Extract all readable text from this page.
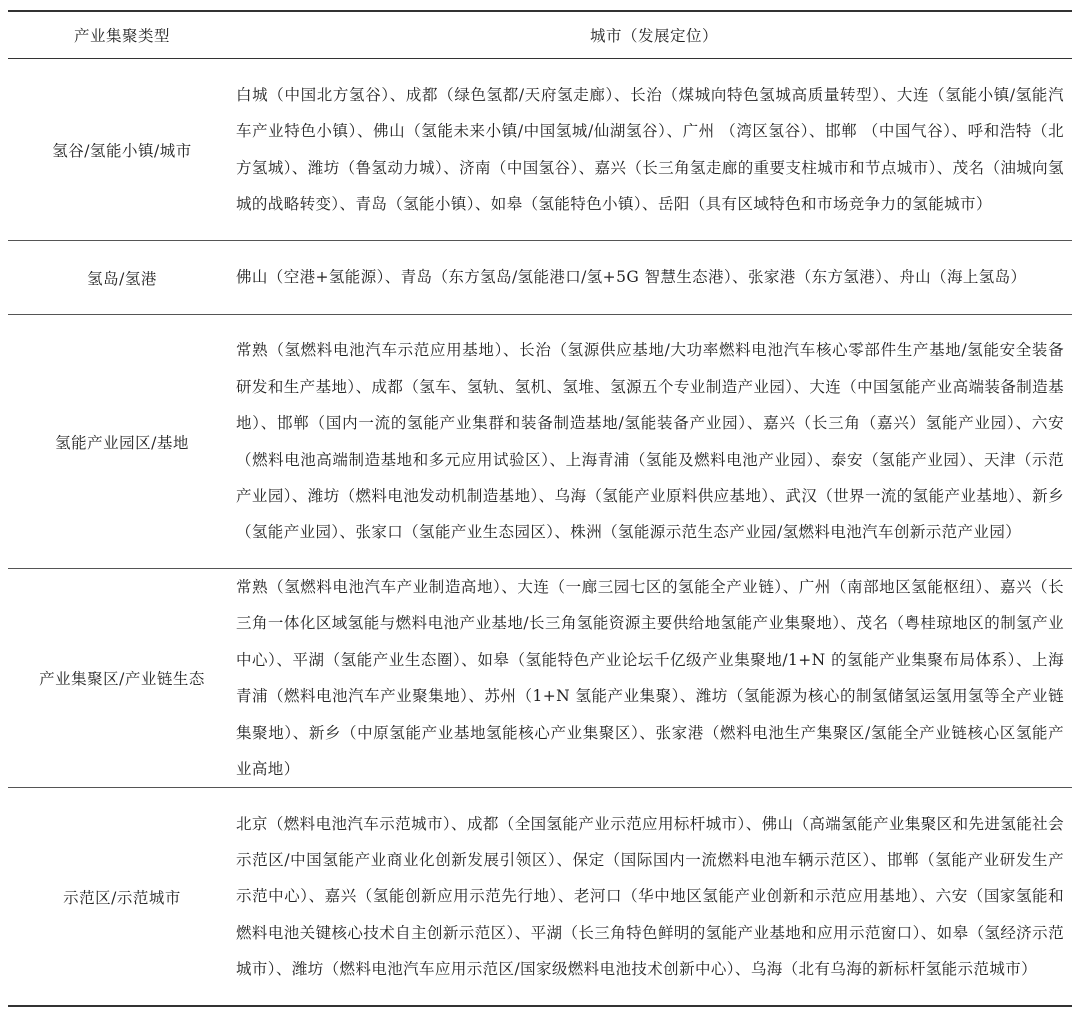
产业集聚类型	城市（发展定位）
氢谷/氢能小镇/城市	白城（中国北方氢谷）、成都（绿色氢都/天府氢走廊）、长治（煤城向特色氢城高质量转型）、大连（氢能小镇/氢能汽车产业特色小镇）、佛山（氢能未来小镇/中国氢城/仙湖氢谷）、广州 （湾区氢谷）、邯郸 （中国气谷）、呼和浩特（北方氢城）、潍坊（鲁氢动力城）、济南（中国氢谷）、嘉兴（长三角氢走廊的重要支柱城市和节点城市）、茂名（油城向氢城的战略转变）、青岛（氢能小镇）、如皋（氢能特色小镇）、岳阳（具有区域特色和市场竞争力的氢能城市）
氢岛/氢港	佛山（空港+氢能源）、青岛（东方氢岛/氢能港口/氢+5G 智慧生态港）、张家港（东方氢港）、舟山（海上氢岛）
氢能产业园区/基地	常熟（氢燃料电池汽车示范应用基地）、长治（氢源供应基地/大功率燃料电池汽车核心零部件生产基地/氢能安全装备研发和生产基地）、成都（氢车、氢轨、氢机、氢堆、氢源五个专业制造产业园）、大连（中国氢能产业高端装备制造基地）、邯郸（国内一流的氢能产业集群和装备制造基地/氢能装备产业园）、嘉兴（长三角（嘉兴）氢能产业园）、六安（燃料电池高端制造基地和多元应用试验区）、上海青浦（氢能及燃料电池产业园）、泰安（氢能产业园）、天津（示范产业园）、潍坊（燃料电池发动机制造基地）、乌海（氢能产业原料供应基地）、武汉（世界一流的氢能产业基地）、新乡（氢能产业园）、张家口（氢能产业生态园区）、株洲（氢能源示范生态产业园/氢燃料电池汽车创新示范产业园）
产业集聚区/产业链生态	常熟（氢燃料电池汽车产业制造高地）、大连（一廊三园七区的氢能全产业链）、广州（南部地区氢能枢纽）、嘉兴（长三角一体化区域氢能与燃料电池产业基地/长三角氢能资源主要供给地氢能产业集聚地）、茂名（粤桂琼地区的制氢产业中心）、平湖（氢能产业生态圈）、如皋（氢能特色产业论坛千亿级产业集聚地/1+N 的氢能产业集聚布局体系）、上海青浦（燃料电池汽车产业聚集地）、苏州（1+N 氢能产业集聚）、潍坊（氢能源为核心的制氢储氢运氢用氢等全产业链集聚地）、新乡（中原氢能产业基地氢能核心产业集聚区）、张家港（燃料电池生产集聚区/氢能全产业链核心区氢能产业高地）
示范区/示范城市	北京（燃料电池汽车示范城市）、成都（全国氢能产业示范应用标杆城市）、佛山（高端氢能产业集聚区和先进氢能社会示范区/中国氢能产业商业化创新发展引领区）、保定（国际国内一流燃料电池车辆示范区）、邯郸（氢能产业研发生产示范中心）、嘉兴（氢能创新应用示范先行地）、老河口（华中地区氢能产业创新和示范应用基地）、六安（国家氢能和燃料电池关键核心技术自主创新示范区）、平湖（长三角特色鲜明的氢能产业基地和应用示范窗口）、如皋（氢经济示范城市）、潍坊（燃料电池汽车应用示范区/国家级燃料电池技术创新中心）、乌海（北有乌海的新标杆氢能示范城市）
